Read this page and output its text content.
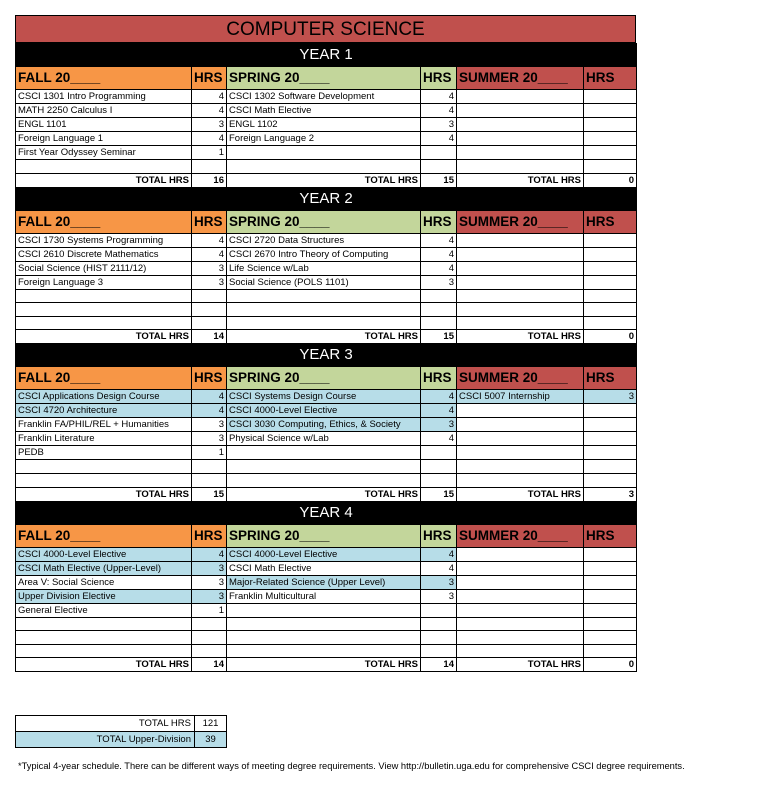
COMPUTER SCIENCE
YEAR 1					
FALL 20____	HRS	SPRING 20____	HRS	SUMMER 20____	HRS
CSCI 1301 Intro Programming	4	CSCI 1302 Software Development	4		
MATH 2250 Calculus I	4	CSCI Math Elective	4		
ENGL 1101	3	ENGL 1102	3		
Foreign Language 1	4	Foreign Language 2	4		
First Year Odyssey Seminar	1				

TOTAL HRS	16	TOTAL HRS	15	TOTAL HRS	0
YEAR 2					
FALL 20____	HRS	SPRING 20____	HRS	SUMMER 20____	HRS
CSCI 1730 Systems Programming	4	CSCI 2720 Data Structures	4		
CSCI 2610 Discrete Mathematics	4	CSCI 2670 Intro Theory of Computing	4		
Social Science (HIST 2111/12)	3	Life Science w/Lab	4		
Foreign Language 3	3	Social Science (POLS 1101)	3		

TOTAL HRS	14	TOTAL HRS	15	TOTAL HRS	0
YEAR 3					
FALL 20____	HRS	SPRING 20____	HRS	SUMMER 20____	HRS
CSCI Applications Design Course	4	CSCI Systems Design Course	4	CSCI 5007 Internship	3
CSCI 4720 Architecture	4	CSCI 4000-Level Elective	4		
Franklin FA/PHIL/REL + Humanities	3	CSCI 3030 Computing, Ethics, & Society	3		
Franklin Literature	3	Physical Science w/Lab	4		
PEDB	1				

TOTAL HRS	15	TOTAL HRS	15	TOTAL HRS	3
YEAR 4					
FALL 20____	HRS	SPRING 20____	HRS	SUMMER 20____	HRS
CSCI 4000-Level Elective	4	CSCI 4000-Level Elective	4		
CSCI Math Elective (Upper-Level)	3	CSCI Math Elective	4		
Area V: Social Science	3	Major-Related Science (Upper Level)	3		
Upper Division Elective	3	Franklin Multicultural	3		
General Elective	1				

TOTAL HRS	14	TOTAL HRS	14	TOTAL HRS	0
TOTAL HRS	121
TOTAL Upper-Division	39
*Typical 4-year schedule. There can be different ways of meeting degree requirements. View http://bulletin.uga.edu for comprehensive CSCI degree requirements.
